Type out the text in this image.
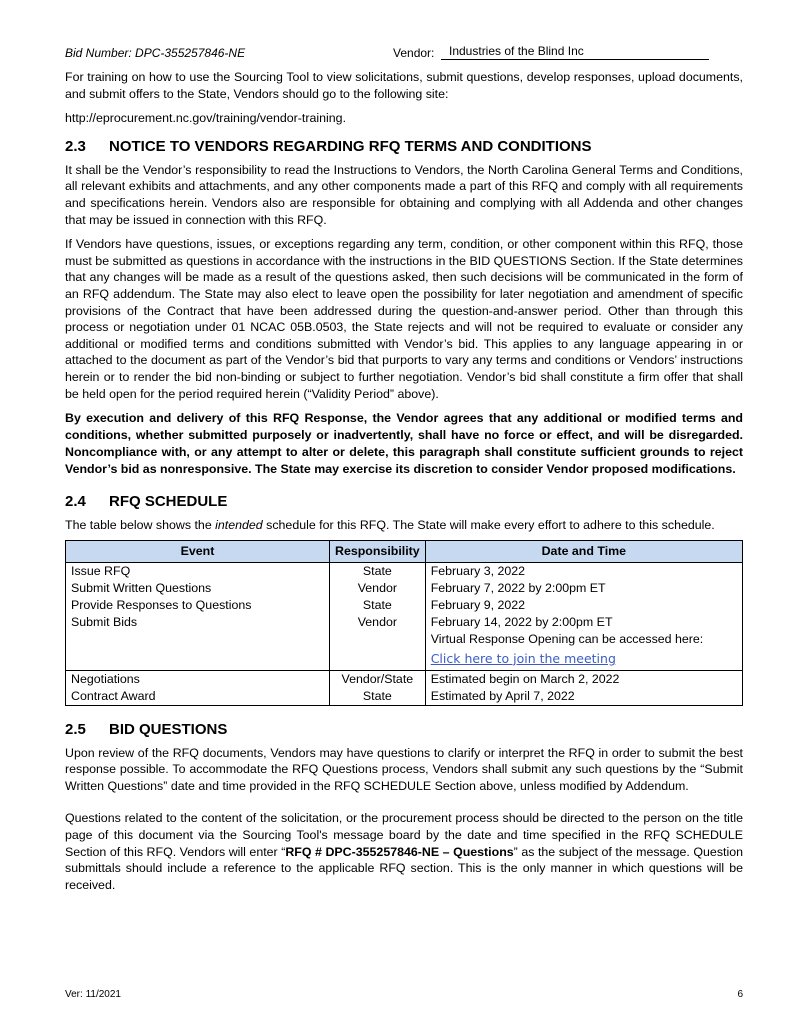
Bid Number: DPC-355257846-NE	Vendor:	Industries of the Blind Inc

For training on how to use the Sourcing Tool to view solicitations, submit questions, develop responses, upload documents, and submit offers to the State, Vendors should go to the following site:

http://eprocurement.nc.gov/training/vendor-training.

2.3 NOTICE TO VENDORS REGARDING RFQ TERMS AND CONDITIONS

It shall be the Vendor’s responsibility to read the Instructions to Vendors, the North Carolina General Terms and Conditions, all relevant exhibits and attachments, and any other components made a part of this RFQ and comply with all requirements and specifications herein. Vendors also are responsible for obtaining and complying with all Addenda and other changes that may be issued in connection with this RFQ.

If Vendors have questions, issues, or exceptions regarding any term, condition, or other component within this RFQ, those must be submitted as questions in accordance with the instructions in the BID QUESTIONS Section. If the State determines that any changes will be made as a result of the questions asked, then such decisions will be communicated in the form of an RFQ addendum. The State may also elect to leave open the possibility for later negotiation and amendment of specific provisions of the Contract that have been addressed during the question-and-answer period. Other than through this process or negotiation under 01 NCAC 05B.0503, the State rejects and will not be required to evaluate or consider any additional or modified terms and conditions submitted with Vendor’s bid. This applies to any language appearing in or attached to the document as part of the Vendor’s bid that purports to vary any terms and conditions or Vendors’ instructions herein or to render the bid non-binding or subject to further negotiation. Vendor’s bid shall constitute a firm offer that shall be held open for the period required herein (“Validity Period” above).

By execution and delivery of this RFQ Response, the Vendor agrees that any additional or modified terms and conditions, whether submitted purposely or inadvertently, shall have no force or effect, and will be disregarded. Noncompliance with, or any attempt to alter or delete, this paragraph shall constitute sufficient grounds to reject Vendor’s bid as nonresponsive. The State may exercise its discretion to consider Vendor proposed modifications.

2.4 RFQ SCHEDULE

The table below shows the intended schedule for this RFQ. The State will make every effort to adhere to this schedule.

Event	Responsibility	Date and Time
Issue RFQ	State	February 3, 2022
Submit Written Questions	Vendor	February 7, 2022 by 2:00pm ET
Provide Responses to Questions	State	February 9, 2022
Submit Bids	Vendor	February 14, 2022 by 2:00pm ET
Virtual Response Opening can be accessed here:
Click here to join the meeting

Negotiations	Vendor/State	Estimated begin on March 2, 2022
Contract Award	State	Estimated by April 7, 2022
2.5 BID QUESTIONS

Upon review of the RFQ documents, Vendors may have questions to clarify or interpret the RFQ in order to submit the best response possible. To accommodate the RFQ Questions process, Vendors shall submit any such questions by the “Submit Written Questions” date and time provided in the RFQ SCHEDULE Section above, unless modified by Addendum.

Questions related to the content of the solicitation, or the procurement process should be directed to the person on the title page of this document via the Sourcing Tool's message board by the date and time specified in the RFQ SCHEDULE Section of this RFQ. Vendors will enter “RFQ # DPC-355257846-NE – Questions” as the subject of the message. Question submittals should include a reference to the applicable RFQ section. This is the only manner in which questions will be received.

Ver: 11/2021	6
